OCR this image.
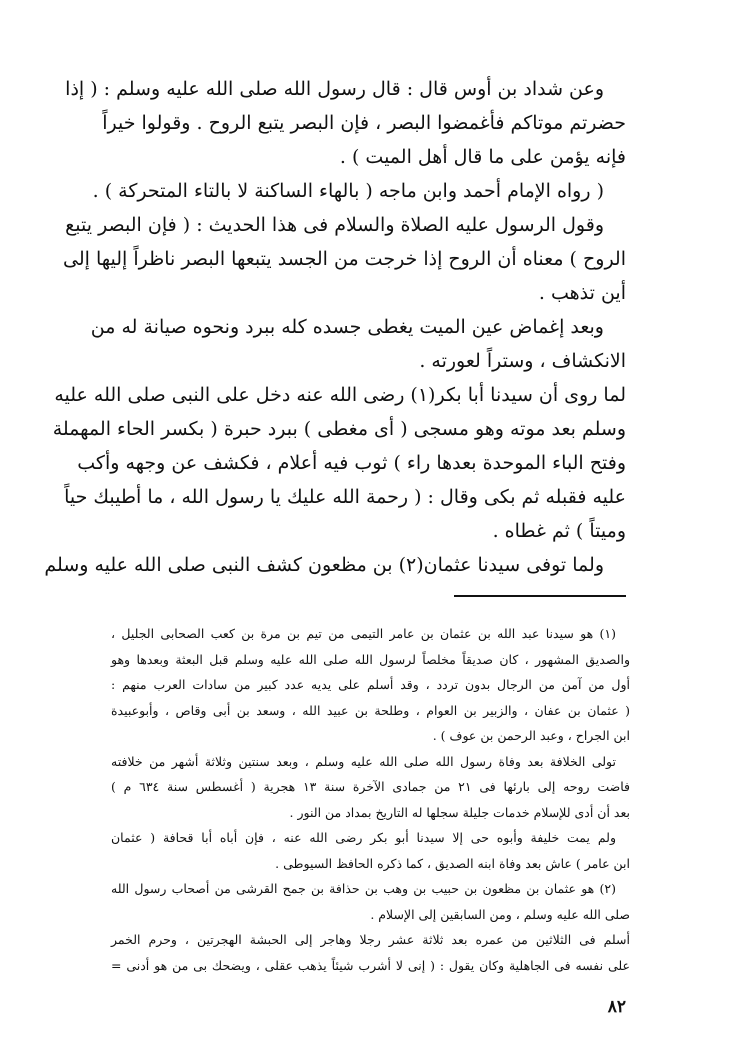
وعن شداد بن أوس قال : قال رسول الله صلى الله عليه وسلم : ( إذا
حضرتم موتاكم فأغمضوا البصر ، فإن البصر يتبع الروح . وقولوا خيراً
فإنه يؤمن على ما قال أهل الميت ) .
( رواه الإمام أحمد وابن ماجه ( بالهاء الساكنة لا بالتاء المتحركة ) .
وقول الرسول عليه الصلاة والسلام فى هذا الحديث : ( فإن البصر يتبع
الروح ) معناه أن الروح إذا خرجت من الجسد يتبعها البصر ناظراً إليها إلى
أين تذهب .
وبعد إغماض عين الميت يغطى جسده كله ببرد ونحوه صيانة له من
الانكشاف ، وستراً لعورته .
لما روى أن سيدنا أبا بكر(١) رضى الله عنه دخل على النبى صلى الله عليه
وسلم بعد موته وهو مسجى ( أى مغطى ) ببرد حبرة ( بكسر الحاء المهملة
وفتح الباء الموحدة بعدها راء ) ثوب فيه أعلام ، فكشف عن وجهه وأكب
عليه فقبله ثم بكى وقال : ( رحمة الله عليك يا رسول الله ، ما أطيبك حياً
وميتاً ) ثم غطاه .
ولما توفى سيدنا عثمان(٢) بن مظعون كشف النبى صلى الله عليه وسلم
(١) هو سيدنا عبد الله بن عثمان بن عامر التيمى من تيم بن مرة بن كعب الصحابى الجليل ،
والصديق المشهور ، كان صديقاً مخلصاً لرسول الله صلى الله عليه وسلم قبل البعثة وبعدها وهو
أول من آمن من الرجال بدون تردد ، وقد أسلم على يديه عدد كبير من سادات العرب منهم :
( عثمان بن عفان ، والزبير بن العوام ، وطلحة بن عبيد الله ، وسعد بن أبى وقاص ، وأبوعبيدة
ابن الجراح ، وعبد الرحمن بن عوف ) .
تولى الخلافة بعد وفاة رسول الله صلى الله عليه وسلم ، وبعد سنتين وثلاثة أشهر من خلافته
فاضت روحه إلى بارئها فى ٢١ من جمادى الآخرة سنة ١٣ هجرية ( أغسطس سنة ٦٣٤ م )
بعد أن أدى للإسلام خدمات جليلة سجلها له التاريخ بمداد من النور .
ولم يمت خليفة وأبوه حى إلا سيدنا أبو بكر رضى الله عنه ، فإن أباه أبا قحافة ( عثمان
ابن عامر ) عاش بعد وفاة ابنه الصديق ، كما ذكره الحافظ السيوطى .
(٢) هو عثمان بن مظعون بن حبيب بن وهب بن حذافة بن جمح القرشى من أصحاب رسول الله
صلى الله عليه وسلم ، ومن السابقين إلى الإسلام .
أسلم فى الثلاثين من عمره بعد ثلاثة عشر رجلا وهاجر إلى الحبشة الهجرتين ، وحرم الخمر
على نفسه فى الجاهلية وكان يقول : ( إنى لا أشرب شيئاً يذهب عقلى ، ويضحك بى من هو أدنى =
٨٢
